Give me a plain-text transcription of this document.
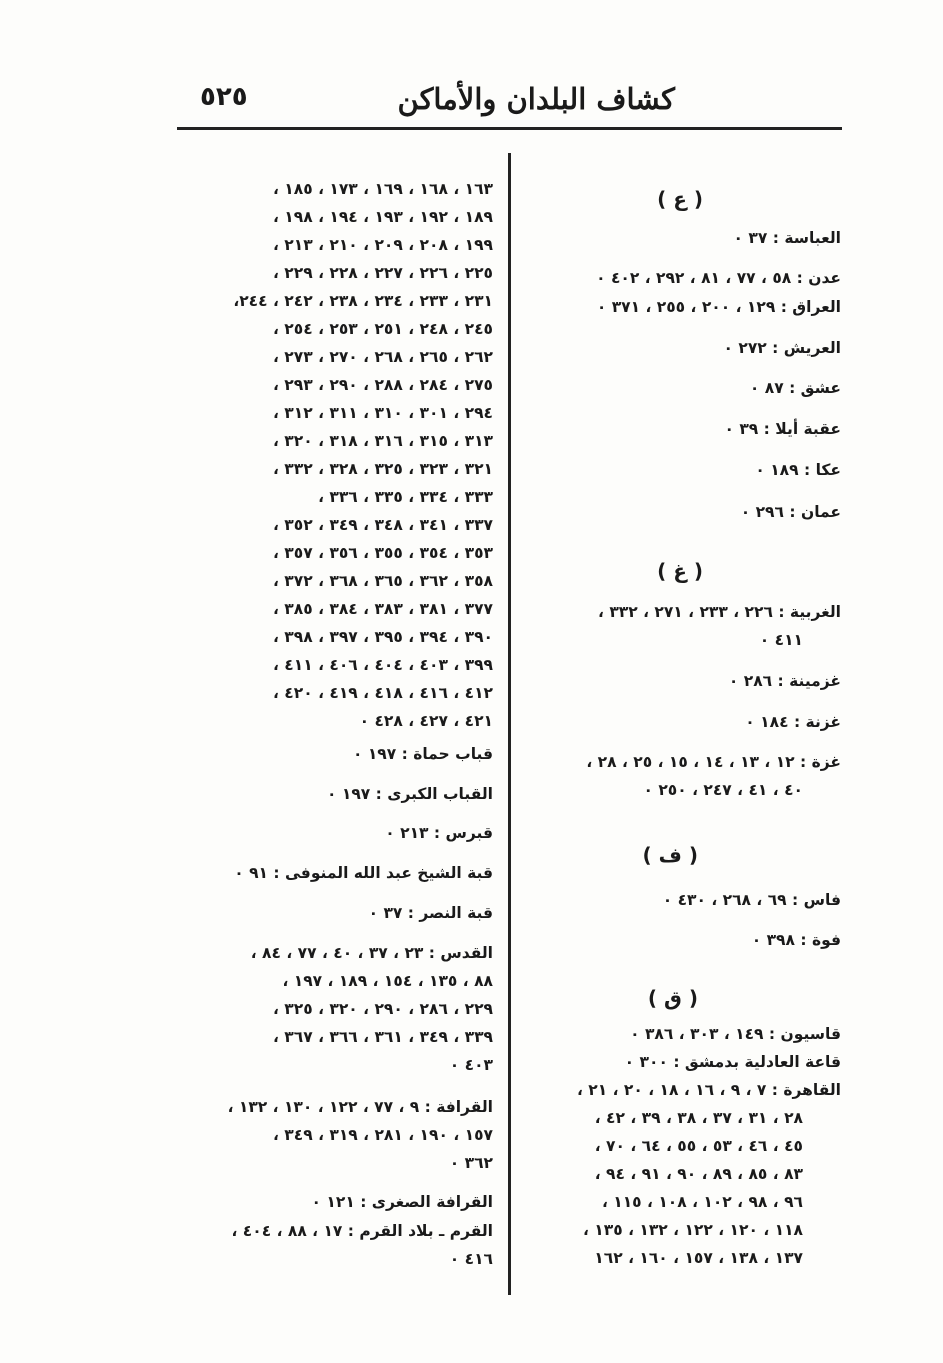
كشاف البلدان والأماكن
٥٢٥
١٦٣ ، ١٦٨ ، ١٦٩ ، ١٧٣ ، ١٨٥ ،
١٨٩ ، ١٩٢ ، ١٩٣ ، ١٩٤ ، ١٩٨ ،
١٩٩ ، ٢٠٨ ، ٢٠٩ ، ٢١٠ ، ٢١٣ ،
٢٢٥ ، ٢٢٦ ، ٢٢٧ ، ٢٢٨ ، ٢٢٩ ،
٢٣١ ، ٢٣٣ ، ٢٣٤ ، ٢٣٨ ، ٢٤٢ ، ٢٤٤،
٢٤٥ ، ٢٤٨ ، ٢٥١ ، ٢٥٣ ، ٢٥٤ ،
٢٦٢ ، ٢٦٥ ، ٢٦٨ ، ٢٧٠ ، ٢٧٣ ،
٢٧٥ ، ٢٨٤ ، ٢٨٨ ، ٢٩٠ ، ٢٩٣ ،
٢٩٤ ، ٣٠١ ، ٣١٠ ، ٣١١ ، ٣١٢ ،
٣١٣ ، ٣١٥ ، ٣١٦ ، ٣١٨ ، ٣٢٠ ،
٣٢١ ، ٣٢٣ ، ٣٢٥ ، ٣٢٨ ، ٣٣٢ ،
٣٣٣ ، ٣٣٤ ، ٣٣٥ ، ٣٣٦ ،
٣٣٧ ، ٣٤١ ، ٣٤٨ ، ٣٤٩ ، ٣٥٢ ،
٣٥٣ ، ٣٥٤ ، ٣٥٥ ، ٣٥٦ ، ٣٥٧ ،
٣٥٨ ، ٣٦٢ ، ٣٦٥ ، ٣٦٨ ، ٣٧٢ ،
٣٧٧ ، ٣٨١ ، ٣٨٣ ، ٣٨٤ ، ٣٨٥ ،
٣٩٠ ، ٣٩٤ ، ٣٩٥ ، ٣٩٧ ، ٣٩٨ ،
٣٩٩ ، ٤٠٣ ، ٤٠٤ ، ٤٠٦ ، ٤١١ ،
٤١٢ ، ٤١٦ ، ٤١٨ ، ٤١٩ ، ٤٢٠ ،
٤٢١ ، ٤٢٧ ، ٤٢٨ ٠
قباب حماة : ١٩٧ ٠
القباب الكبرى : ١٩٧ ٠
قبرس : ٢١٣ ٠
قبة الشيخ عبد الله المنوفى : ٩١ ٠
قبة النصر : ٣٧ ٠
القدس : ٢٣ ، ٣٧ ، ٤٠ ، ٧٧ ، ٨٤ ،
٨٨ ، ١٣٥ ، ١٥٤ ، ١٨٩ ، ١٩٧ ،
٢٢٩ ، ٢٨٦ ، ٢٩٠ ، ٣٢٠ ، ٣٢٥ ،
٣٣٩ ، ٣٤٩ ، ٣٦١ ، ٣٦٦ ، ٣٦٧ ،
٤٠٣ ٠
القرافة : ٩ ، ٧٧ ، ١٢٢ ، ١٣٠ ، ١٣٢ ،
١٥٧ ، ١٩٠ ، ٢٨١ ، ٣١٩ ، ٣٤٩ ،
٣٦٢ ٠
القرافة الصغرى : ١٢١ ٠
القرم ـ بلاد القرم : ١٧ ، ٨٨ ، ٤٠٤ ،
٤١٦ ٠
( ع )
العباسة : ٣٧ ٠
عدن : ٥٨ ، ٧٧ ، ٨١ ، ٢٩٢ ، ٤٠٢ ٠
العراق : ١٢٩ ، ٢٠٠ ، ٢٥٥ ، ٣٧١ ٠
العريش : ٢٧٢ ٠
عشق : ٨٧ ٠
عقبة أيلا : ٣٩ ٠
عكا : ١٨٩ ٠
عمان : ٢٩٦ ٠
( غ )
الغربية : ٢٢٦ ، ٢٣٣ ، ٢٧١ ، ٣٣٢ ،
٤١١ ٠
غزمينة : ٢٨٦ ٠
غزنة : ١٨٤ ٠
غزة : ١٢ ، ١٣ ، ١٤ ، ١٥ ، ٢٥ ، ٢٨ ،
٤٠ ، ٤١ ، ٢٤٧ ، ٢٥٠ ٠
( ف )
فاس : ٦٩ ، ٢٦٨ ، ٤٣٠ ٠
فوة : ٣٩٨ ٠
( ق )
قاسيون : ١٤٩ ، ٣٠٣ ، ٣٨٦ ٠
قاعة العادلية بدمشق : ٣٠٠ ٠
القاهرة : ٧ ، ٩ ، ١٦ ، ١٨ ، ٢٠ ، ٢١ ،
٢٨ ، ٣١ ، ٣٧ ، ٣٨ ، ٣٩ ، ٤٢ ،
٤٥ ، ٤٦ ، ٥٣ ، ٥٥ ، ٦٤ ، ٧٠ ،
٨٣ ، ٨٥ ، ٨٩ ، ٩٠ ، ٩١ ، ٩٤ ،
٩٦ ، ٩٨ ، ١٠٢ ، ١٠٨ ، ١١٥ ،
١١٨ ، ١٢٠ ، ١٢٢ ، ١٣٢ ، ١٣٥ ،
١٣٧ ، ١٣٨ ، ١٥٧ ، ١٦٠ ، ١٦٢
